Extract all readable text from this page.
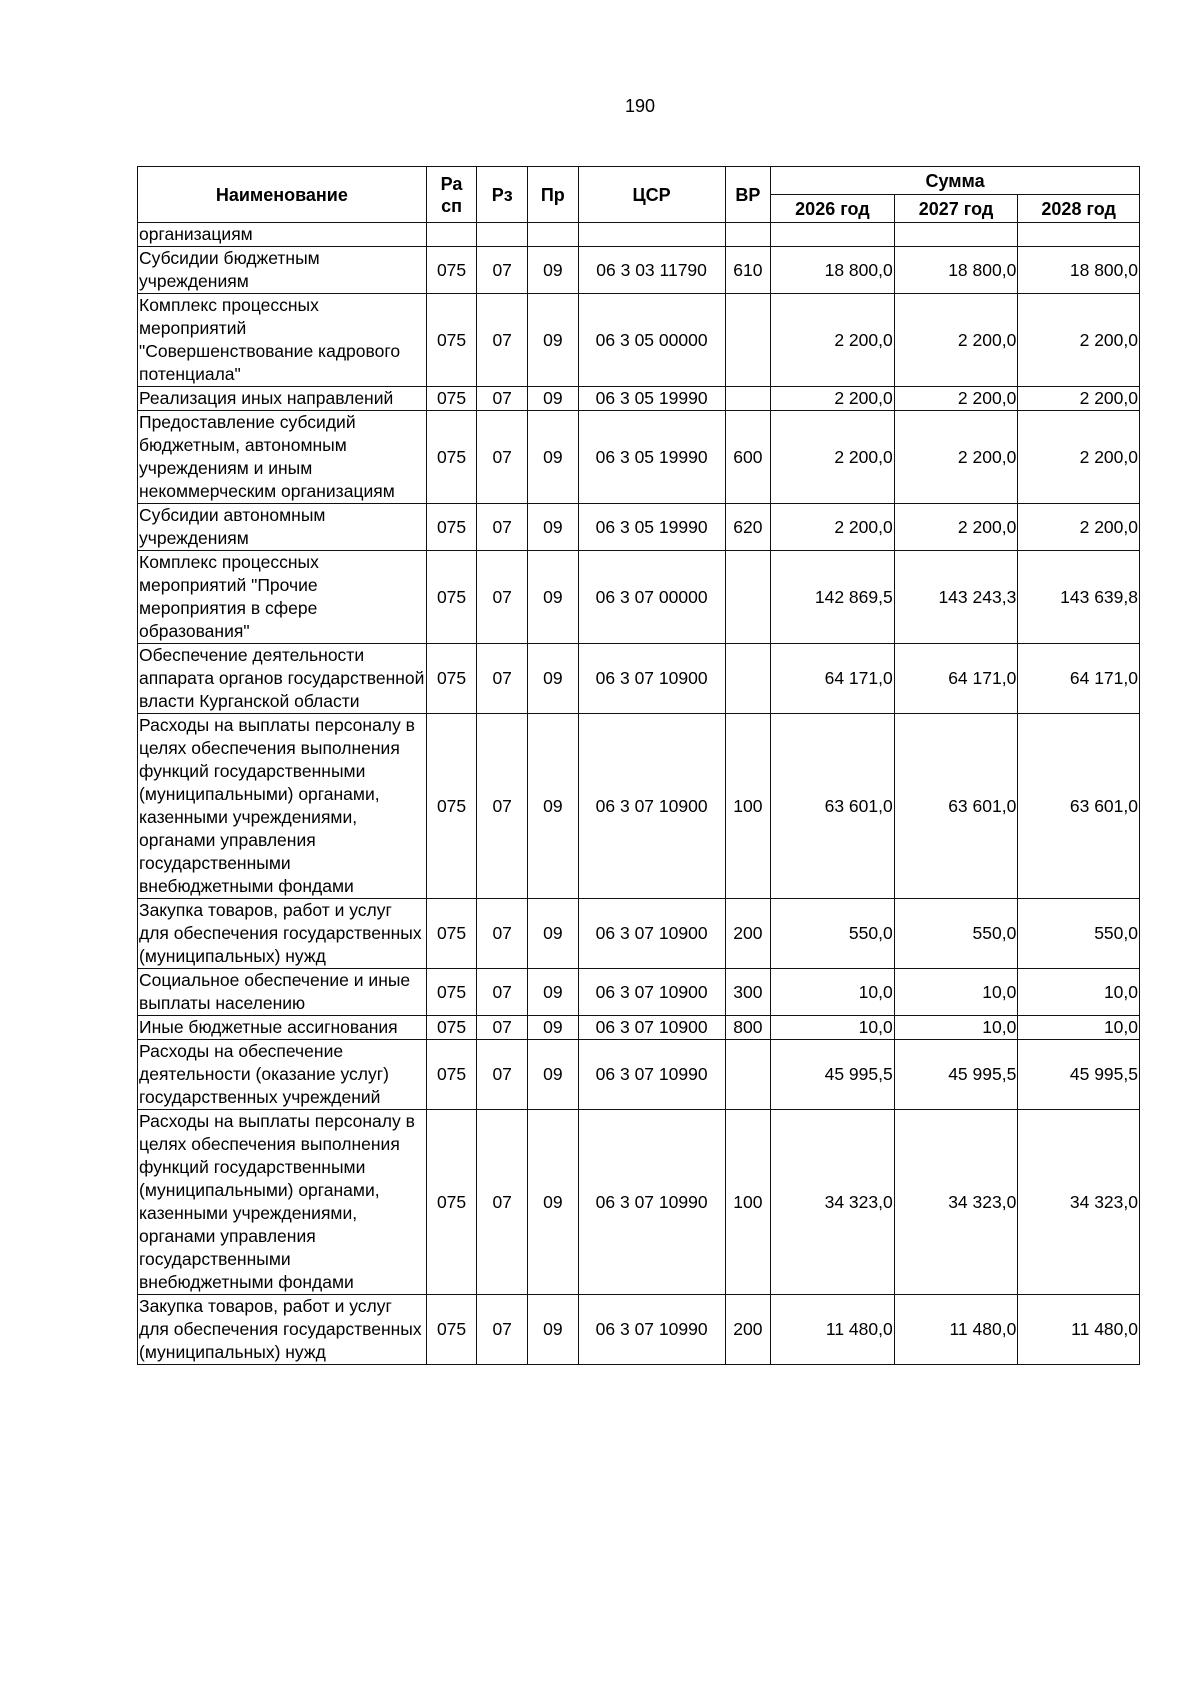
190
Наименование	Ра сп	Рз	Пр	ЦСР	ВР	Сумма		
						2026 год	2027 год	2028 год
организациям								
Субсидии бюджетным учреждениям	075	07	09	06 3 03 11790	610	18 800,0	18 800,0	18 800,0
Комплекс процессных мероприятий "Совершенствование кадрового потенциала"	075	07	09	06 3 05 00000		2 200,0	2 200,0	2 200,0
Реализация иных направлений	075	07	09	06 3 05 19990		2 200,0	2 200,0	2 200,0
Предоставление субсидий бюджетным, автономным учреждениям и иным некоммерческим организациям	075	07	09	06 3 05 19990	600	2 200,0	2 200,0	2 200,0
Субсидии автономным учреждениям	075	07	09	06 3 05 19990	620	2 200,0	2 200,0	2 200,0
Комплекс процессных мероприятий "Прочие мероприятия в сфере образования"	075	07	09	06 3 07 00000		142 869,5	143 243,3	143 639,8
Обеспечение деятельности аппарата органов государственной власти Курганской области	075	07	09	06 3 07 10900		64 171,0	64 171,0	64 171,0
Расходы на выплаты персоналу в целях обеспечения выполнения функций государственными (муниципальными) органами, казенными учреждениями, органами управления государственными внебюджетными фондами	075	07	09	06 3 07 10900	100	63 601,0	63 601,0	63 601,0
Закупка товаров, работ и услуг для обеспечения государственных (муниципальных) нужд	075	07	09	06 3 07 10900	200	550,0	550,0	550,0
Социальное обеспечение и иные выплаты населению	075	07	09	06 3 07 10900	300	10,0	10,0	10,0
Иные бюджетные ассигнования	075	07	09	06 3 07 10900	800	10,0	10,0	10,0
Расходы на обеспечение деятельности (оказание услуг) государственных учреждений	075	07	09	06 3 07 10990		45 995,5	45 995,5	45 995,5
Расходы на выплаты персоналу в целях обеспечения выполнения функций государственными (муниципальными) органами, казенными учреждениями, органами управления государственными внебюджетными фондами	075	07	09	06 3 07 10990	100	34 323,0	34 323,0	34 323,0
Закупка товаров, работ и услуг для обеспечения государственных (муниципальных) нужд	075	07	09	06 3 07 10990	200	11 480,0	11 480,0	11 480,0
